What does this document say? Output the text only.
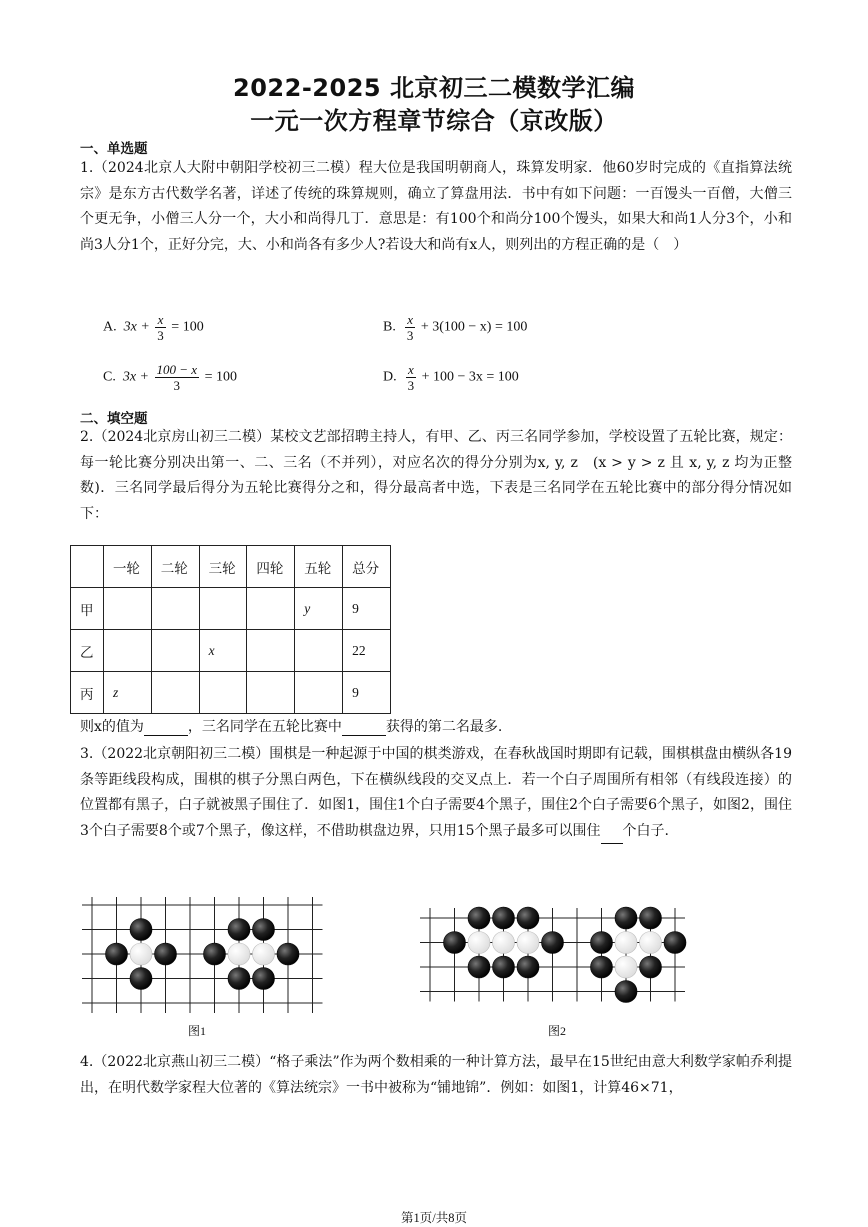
2022-2025 北京初三二模数学汇编
一元一次方程章节综合（京改版）
一、单选题
1.（2024北京人大附中朝阳学校初三二模）程大位是我国明朝商人，珠算发明家．他60岁时完成的《直指算法统宗》是东方古代数学名著，详述了传统的珠算规则，确立了算盘用法．书中有如下问题：一百馒头一百僧，大僧三个更无争，小僧三人分一个，大小和尚得几丁．意思是：有100个和尚分100个馒头，如果大和尚1人分3个，小和尚3人分1个，正好分完，大、小和尚各有多少人?若设大和尚有x人，则列出的方程正确的是（　）
A. $3x + \frac{x}{3} = 100$	B. $\frac{x}{3} + 3(100 - x) = 100$
C. $3x + \frac{100 - x}{3} = 100$	D. $\frac{x}{3} + 100 - 3x = 100$
二、填空题
2.（2024北京房山初三二模）某校文艺部招聘主持人，有甲、乙、丙三名同学参加，学校设置了五轮比赛，规定：每一轮比赛分别决出第一、二、三名（不并列），对应名次的得分分别为x, y, z　(x > y > z 且 x, y, z 均为正整数)．三名同学最后得分为五轮比赛得分之和，得分最高者中选，下表是三名同学在五轮比赛中的部分得分情况如下：
	一轮	二轮	三轮	四轮	五轮	总分
甲					y	9
乙			x			22
丙	z					9
则x的值为	，三名同学在五轮比赛中	获得的第二名最多.
3.（2022北京朝阳初三二模）围棋是一种起源于中国的棋类游戏，在春秋战国时期即有记载，围棋棋盘由横纵各19条等距线段构成，围棋的棋子分黑白两色，下在横纵线段的交叉点上．若一个白子周围所有相邻（有线段连接）的位置都有黑子，白子就被黑子围住了．如图1，围住1个白子需要4个黑子，围住2个白子需要6个黑子，如图2，围住3个白子需要8个或7个黑子，像这样，不借助棋盘边界，只用15个黑子最多可以围住 个白子.
图1	图2
4.（2022北京燕山初三二模）“格子乘法”作为两个数相乘的一种计算方法，最早在15世纪由意大利数学家帕乔利提出，在明代数学家程大位著的《算法统宗》一书中被称为“铺地锦”．例如：如图1，计算46×71，
第1页/共8页
